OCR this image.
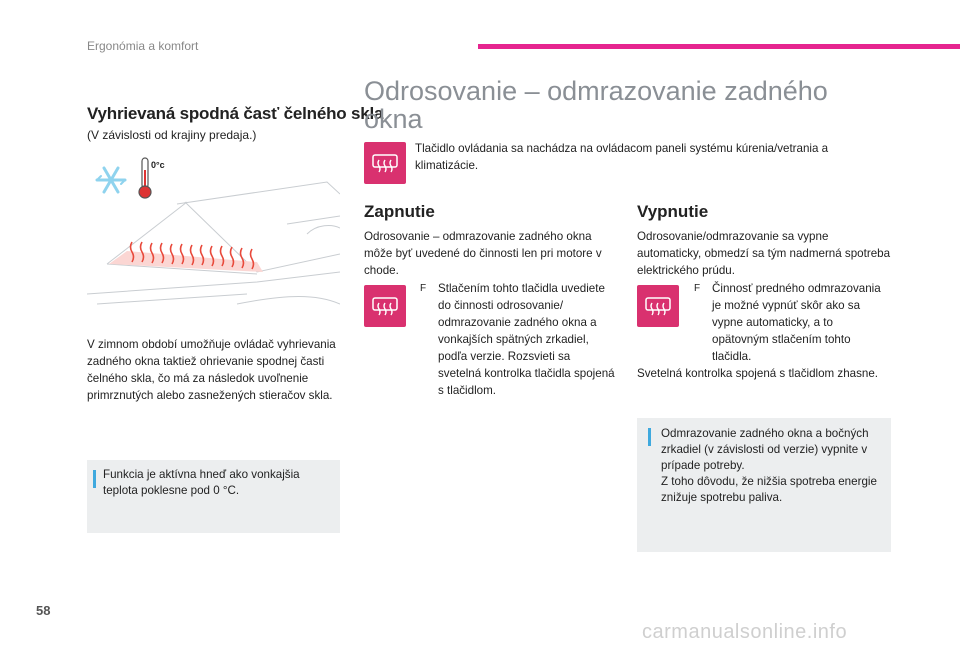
Ergonómia a komfort
Vyhrievaná spodná časť čelného skla
(V závislosti od krajiny predaja.)
0°c
V zimnom období umožňuje ovládač vyhrievania zadného okna taktiež ohrievanie spodnej časti čelného skla, čo má za následok uvoľnenie primrznutých alebo zasnežených stieračov skla.
Funkcia je aktívna hneď ako vonkajšia teplota poklesne pod 0 °C.
Odrosovanie – odmrazovanie zadného okna
Tlačidlo ovládania sa nachádza na ovládacom paneli systému kúrenia/vetrania a klimatizácie.
Zapnutie
Odrosovanie – odmrazovanie zadného okna môže byť uvedené do činnosti len pri motore v chode.
F Stlačením tohto tlačidla uvediete do činnosti odrosovanie/ odmrazovanie zadného okna a vonkajších spätných zrkadiel, podľa verzie. Rozsvieti sa svetelná kontrolka tlačidla spojená s tlačidlom.
Vypnutie
Odrosovanie/odmrazovanie sa vypne automaticky, obmedzí sa tým nadmerná spotreba elektrického prúdu.
F Činnosť predného odmrazovania je možné vypnúť skôr ako sa vypne automaticky, a to opätovným stlačením tohto tlačidla.
Svetelná kontrolka spojená s tlačidlom zhasne.
Odmrazovanie zadného okna a bočných zrkadiel (v závislosti od verzie) vypnite v prípade potreby.
Z toho dôvodu, že nižšia spotreba energie znižuje spotrebu paliva.
58
carmanualsonline.info
